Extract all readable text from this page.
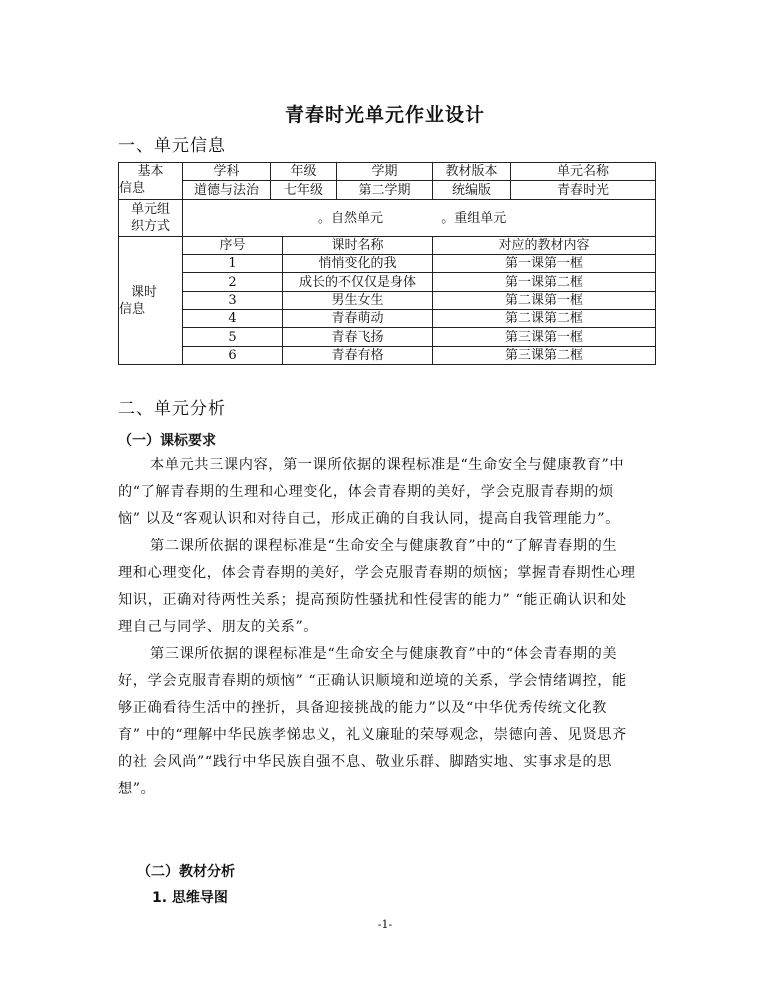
青春时光单元作业设计
一、单元信息
基本	学科	年级		学期	教材版本	单元名称
	道德与法治	七年级		第二学期	统编版	青春时光

单元组
织方式	。自然单元 。重组单元					

课时
信息	序号		课时名称		对应的教材内容	
	1		悄悄变化的我		第一课第一框	
	2		成长的不仅仅是身体		第一课第二框	
	3		男生女生		第二课第一框	
	4		青春萌动		第二课第二框	
	5		青春飞扬		第三课第一框	
	6		青春有格		第三课第二框	
信息
二、单元分析
（一）课标要求
本单元共三课内容，第一课所依据的课程标准是“生命安全与健康教育”中
的“了解青春期的生理和心理变化，体会青春期的美好，学会克服青春期的烦
恼” 以及“客观认识和对待自己，形成正确的自我认同，提高自我管理能力”。
第二课所依据的课程标准是“生命安全与健康教育”中的“了解青春期的生
理和心理变化，体会青春期的美好，学会克服青春期的烦恼；掌握青春期性心理
知识，正确对待两性关系；提高预防性骚扰和性侵害的能力” “能正确认识和处
理自己与同学、朋友的关系”。
第三课所依据的课程标准是“生命安全与健康教育”中的“体会青春期的美
好，学会克服青春期的烦恼” “正确认识顺境和逆境的关系，学会情绪调控，能
够正确看待生活中的挫折，具备迎接挑战的能力”以及“中华优秀传统文化教
育” 中的“理解中华民族孝悌忠义，礼义廉耻的荣辱观念，崇德向善、见贤思齐
的社 会风尚”“践行中华民族自强不息、敬业乐群、脚踏实地、实事求是的思
想”。
（二）教材分析
1. 思维导图
-1-
